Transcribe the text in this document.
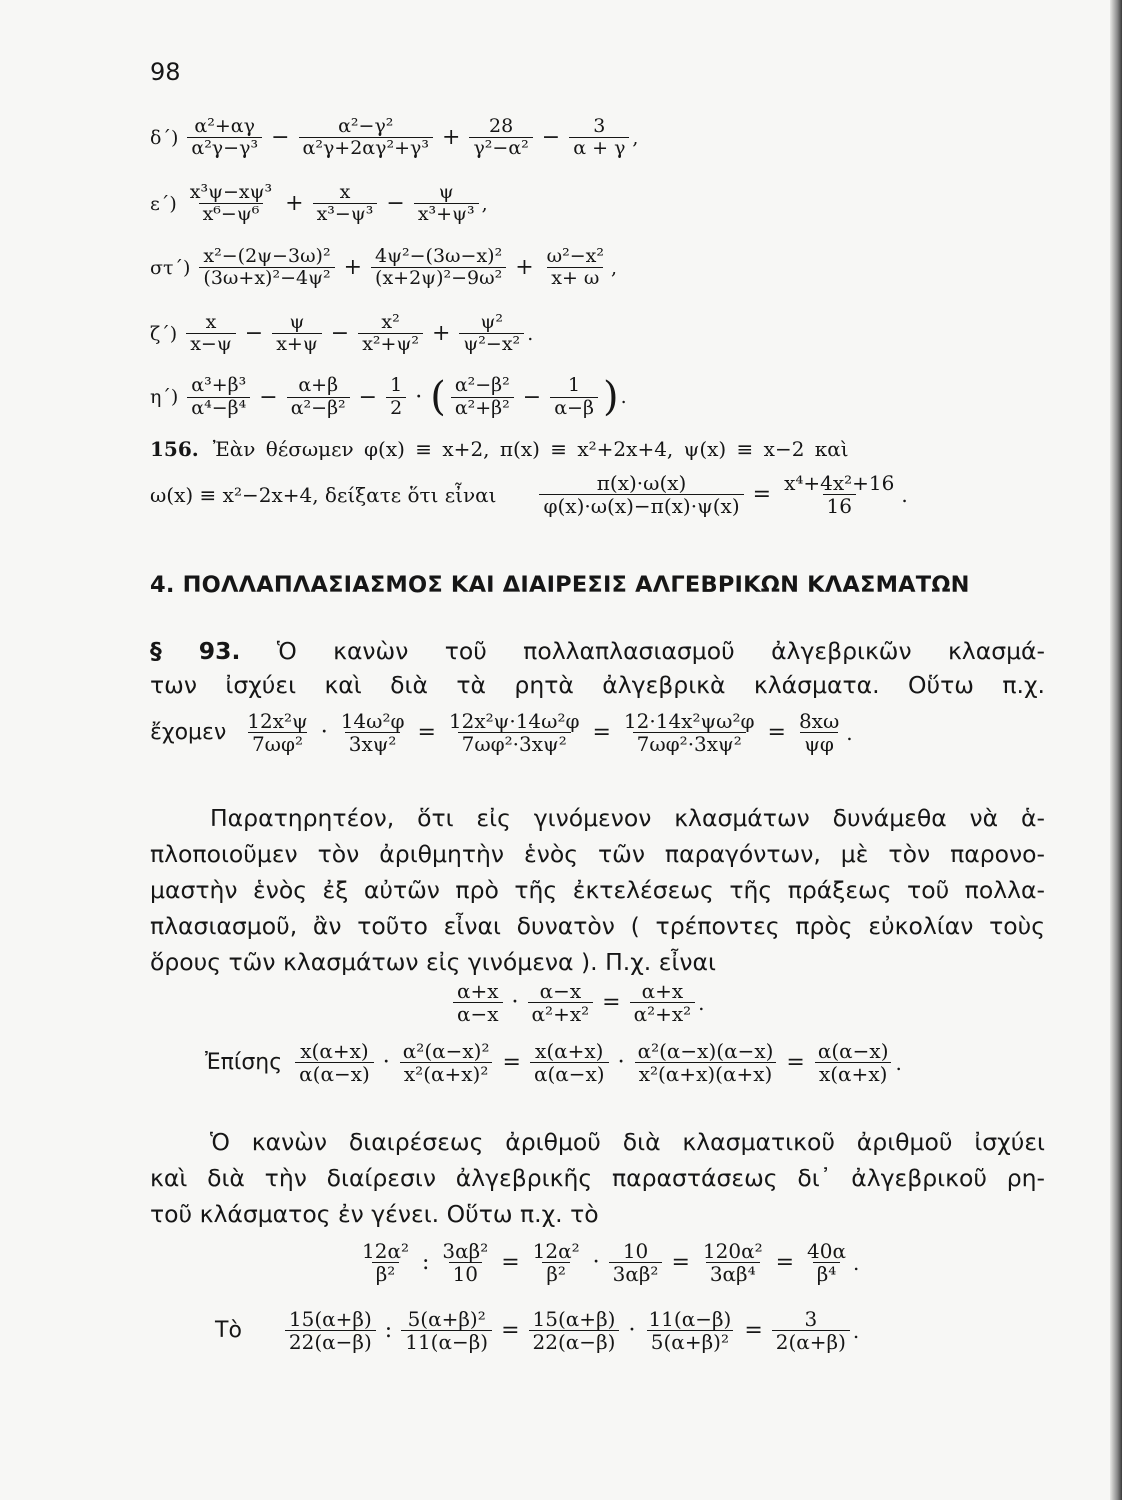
98
$\delta΄) \frac{\text{α²+αγ}}{\text{α²γ−γ³}} - \frac{\text{α²−γ²}}{\text{α²γ+2αγ²+γ³}} + \frac{28}{\text{γ²−α²}} - \frac{3}{\alpha + \gamma}$ ,
$\varepsilon΄) \frac{\text{x³ψ−xψ³}}{\text{x⁶−ψ⁶}} + \frac{x}{\text{x³−ψ³}} - \frac{\psi}{\text{x³+ψ³}}$ ,
$\sigma\tau΄) \frac{\text{x²−(2ψ−3ω)²}}{\text{(3ω+x)²−4ψ²}} + \frac{\text{4ψ²−(3ω−x)²}}{\text{(x+2ψ)²−9ω²}} + \frac{\text{ω²−x²}}{x+ \omega}$ ,
$\zeta΄) \frac{x}{x-\psi} - \frac{\psi}{x+\psi} - \frac{\text{x²}}{\text{x²+ψ²}} + \frac{\text{ψ²}}{\text{ψ²−x²}}$ .
$\eta΄) \frac{\text{α³+β³}}{\text{α⁴−β⁴}} - \frac{\alpha+\beta}{\text{α²−β²}} - \frac{1}{2}$ · ( $\frac{\text{α²−β²}}{\text{α²+β²}} - \frac{1}{\alpha-\beta}$ ) .
156. Ἐὰν θέσωμεν φ(x) ≡ x+2, π(x) ≡ x²+2x+4, ψ(x) ≡ x−2 καὶ
ω(x) ≡ x²−2x+4, δείξατε ὅτι εἶναι $\frac{\pi(x)\cdot\omega(x)}{\varphi(x)\cdot\omega(x)-\pi(x)\cdot\psi(x)} = \frac{\text{x⁴+4x²+16}}{16}$ .
4. ΠΟΛΛΑΠΛΑΣΙΑΣΜΟΣ ΚΑΙ ΔΙΑΙΡΕΣΙΣ ΑΛΓΕΒΡΙΚΩΝ ΚΛΑΣΜΑΤΩΝ
§ 93. Ὁ κανὼν τοῦ πολλαπλασιασμοῦ ἀλγεβρικῶν κλασμά-
των ἰσχύει καὶ διὰ τὰ ρητὰ ἀλγεβρικὰ κλάσματα. Οὕτω π.χ.
ἔχομεν $\frac{\text{12x²ψ}}{\text{7ωφ²}} \cdot \frac{\text{14ω²φ}}{\text{3xψ²}} = \frac{\text{12x²ψ·14ω²φ}}{\text{7ωφ²·3xψ²}} = \frac{\text{12·14x²ψω²φ}}{\text{7ωφ²·3xψ²}} = \frac{8x\omega}{\psi\varphi}$ .
Παρατηρητέον, ὅτι εἰς γινόμενον κλασμάτων δυνάμεθα νὰ ἁ-
πλοποιοῦμεν τὸν ἀριθμητὴν ἑνὸς τῶν παραγόντων, μὲ τὸν παρονο-
μαστὴν ἑνὸς ἐξ αὐτῶν πρὸ τῆς ἐκτελέσεως τῆς πράξεως τοῦ πολλα-
πλασιασμοῦ, ἂν τοῦτο εἶναι δυνατὸν ( τρέποντες πρὸς εὐκολίαν τοὺς
ὅρους τῶν κλασμάτων εἰς γινόμενα ). Π.χ. εἶναι
$\frac{\alpha+x}{\alpha-x} \cdot \frac{\alpha-x}{\text{α²+x²}} = \frac{\alpha+x}{\text{α²+x²}}$ .
Ἐπίσης $\frac{x(\alpha+x)}{\alpha(\alpha-x)} \cdot \frac{\text{α²(α−x)²}}{\text{x²(α+x)²}} = \frac{x(\alpha+x)}{\alpha(\alpha-x)} \cdot \frac{\text{α²(α−x)(α−x)}}{\text{x²(α+x)(α+x)}} = \frac{\alpha(\alpha-x)}{x(\alpha+x)}$ .
Ὁ κανὼν διαιρέσεως ἀριθμοῦ διὰ κλασματικοῦ ἀριθμοῦ ἰσχύει
καὶ διὰ τὴν διαίρεσιν ἀλγεβρικῆς παραστάσεως δι᾽ ἀλγεβρικοῦ ρη-
τοῦ κλάσματος ἐν γένει. Οὕτω π.χ. τὸ
$\frac{\text{12α²}}{\text{β²}}$ : $\frac{\text{3αβ²}}{10} = \frac{\text{12α²}}{\text{β²}} \cdot \frac{10}{\text{3αβ²}} = \frac{\text{120α²}}{\text{3αβ⁴}} = \frac{40\alpha}{\text{β⁴}}$ .
Τὸ $\frac{15(\alpha+\beta)}{22(\alpha-\beta)}$ : $\frac{\text{5(α+β)²}}{11(\alpha-\beta)} = \frac{15(\alpha+\beta)}{22(\alpha-\beta)} \cdot \frac{11(\alpha-\beta)}{\text{5(α+β)²}} = \frac{3}{2(\alpha+\beta)}$ .
